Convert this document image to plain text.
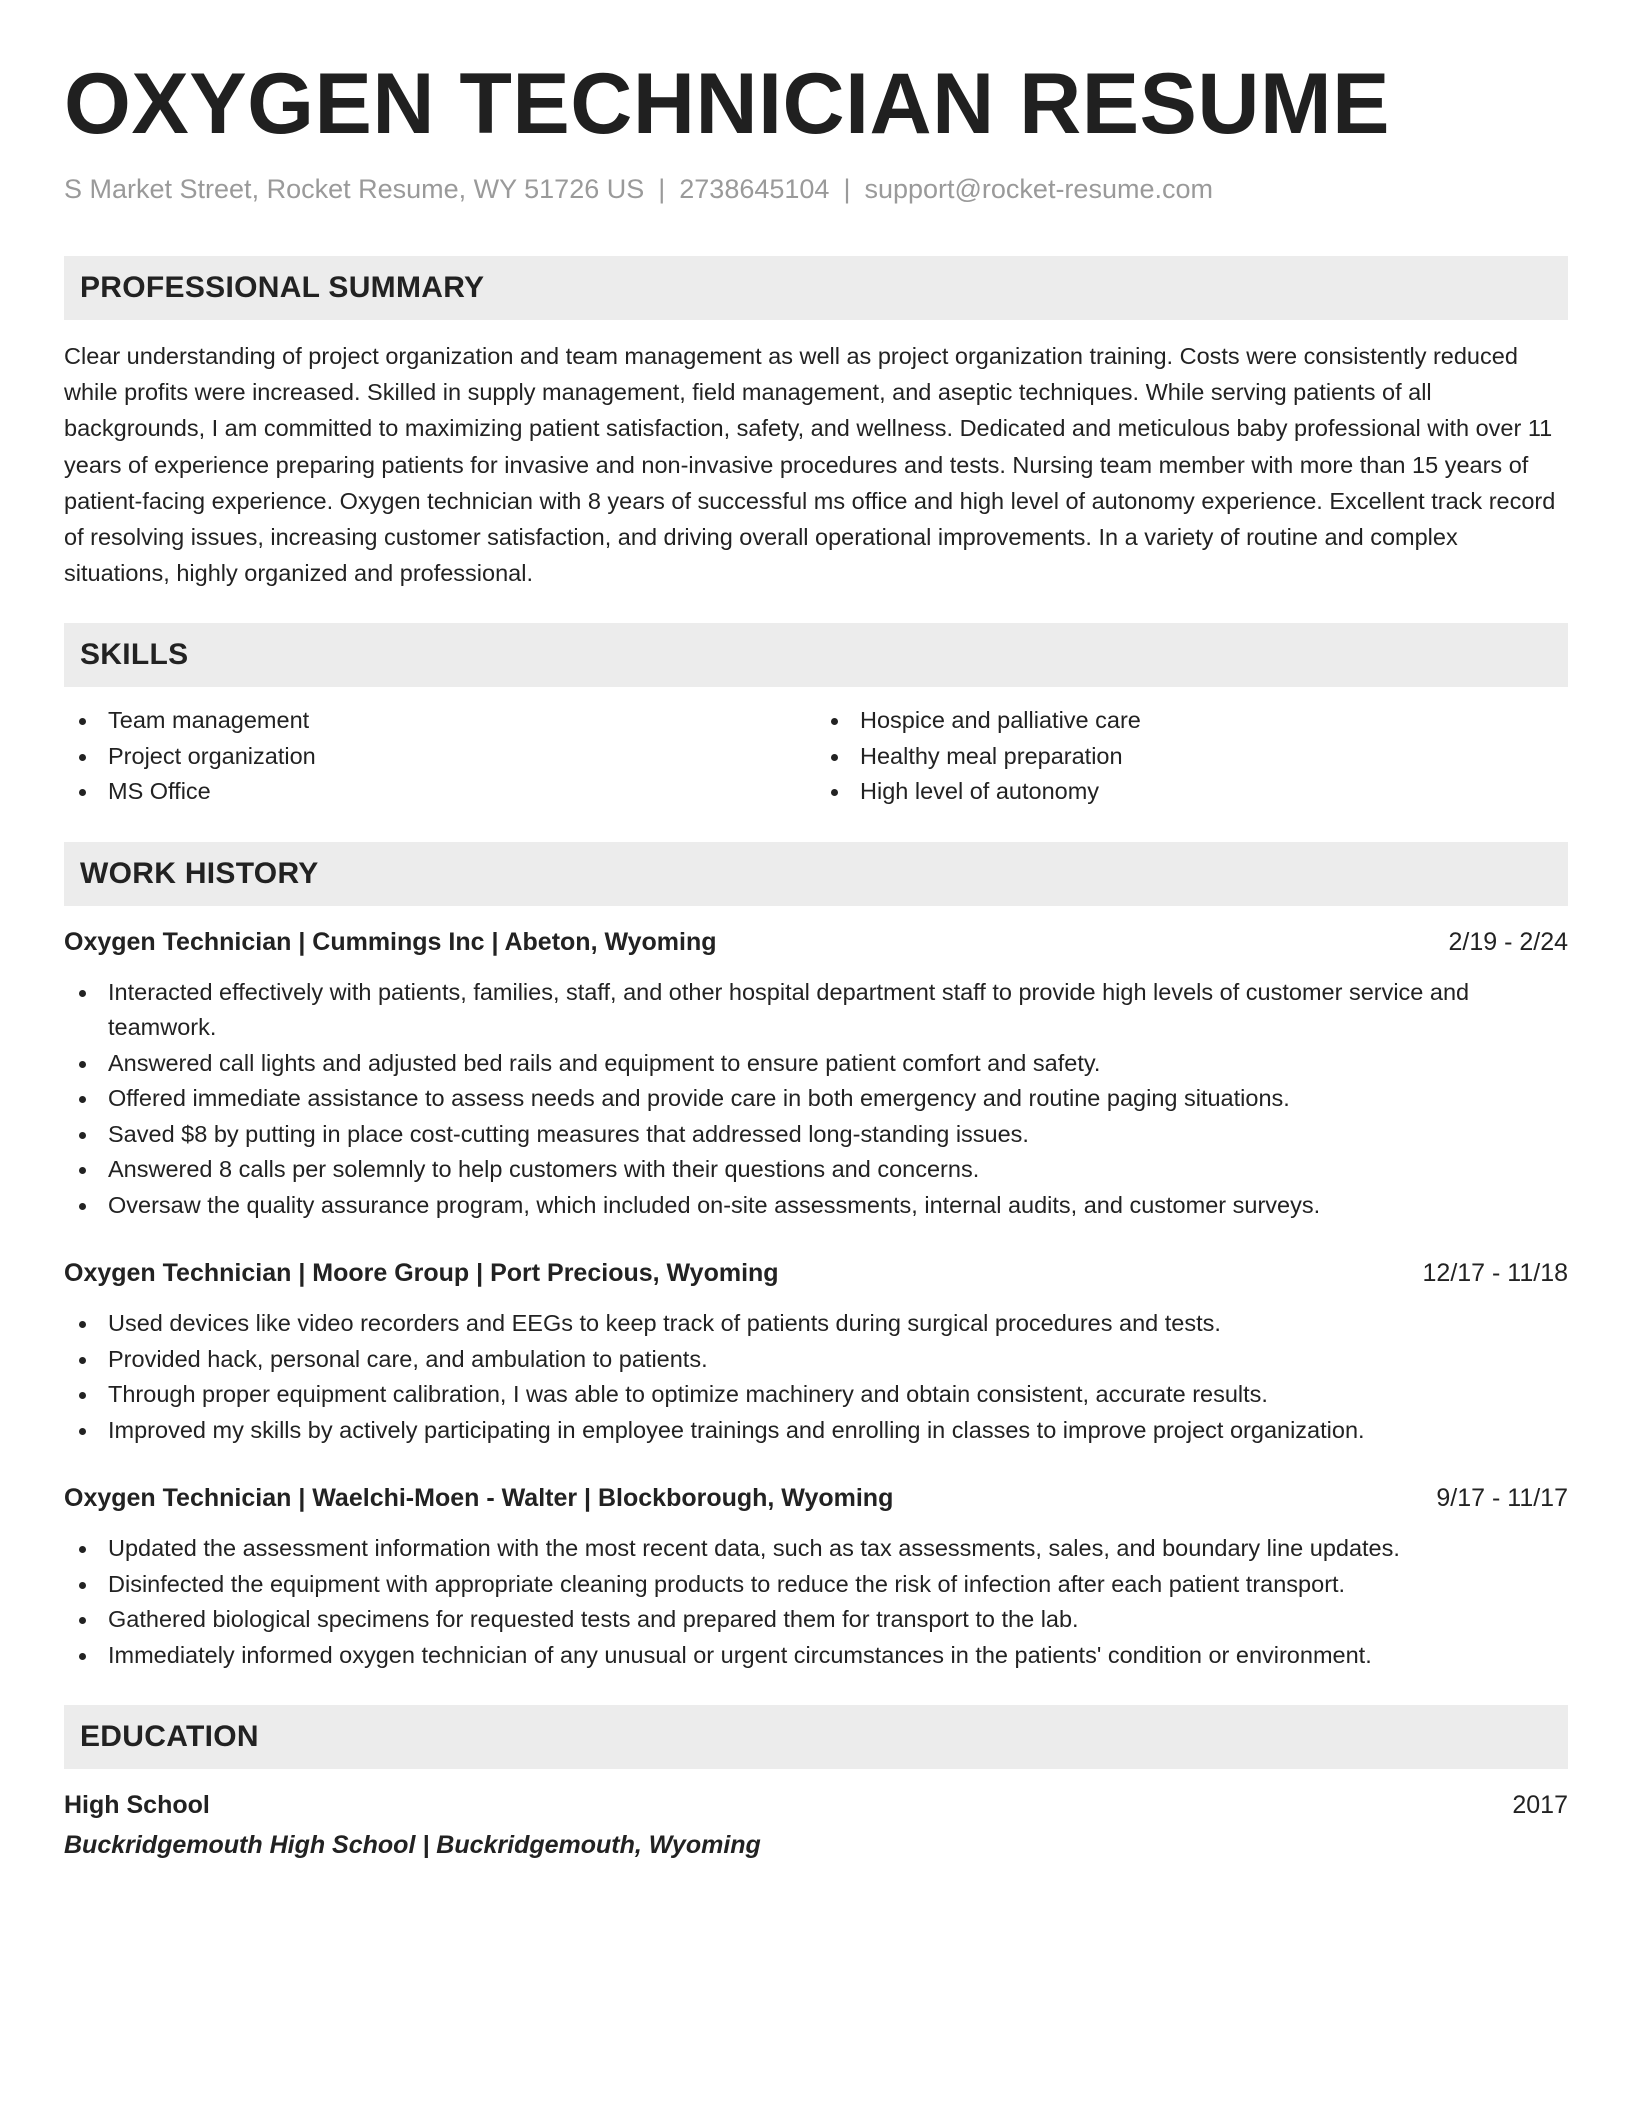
OXYGEN TECHNICIAN RESUME
S Market Street, Rocket Resume, WY 51726 US | 2738645104 | support@rocket-resume.com
PROFESSIONAL SUMMARY
Clear understanding of project organization and team management as well as project organization training. Costs were consistently reduced while profits were increased. Skilled in supply management, field management, and aseptic techniques. While serving patients of all backgrounds, I am committed to maximizing patient satisfaction, safety, and wellness. Dedicated and meticulous baby professional with over 11 years of experience preparing patients for invasive and non-invasive procedures and tests. Nursing team member with more than 15 years of patient-facing experience. Oxygen technician with 8 years of successful ms office and high level of autonomy experience. Excellent track record of resolving issues, increasing customer satisfaction, and driving overall operational improvements. In a variety of routine and complex situations, highly organized and professional.
SKILLS
Team management
Project organization
MS Office
Hospice and palliative care
Healthy meal preparation
High level of autonomy
WORK HISTORY
Oxygen Technician | Cummings Inc | Abeton, Wyoming	2/19 - 2/24
Interacted effectively with patients, families, staff, and other hospital department staff to provide high levels of customer service and teamwork.
Answered call lights and adjusted bed rails and equipment to ensure patient comfort and safety.
Offered immediate assistance to assess needs and provide care in both emergency and routine paging situations.
Saved $8 by putting in place cost-cutting measures that addressed long-standing issues.
Answered 8 calls per solemnly to help customers with their questions and concerns.
Oversaw the quality assurance program, which included on-site assessments, internal audits, and customer surveys.
Oxygen Technician | Moore Group | Port Precious, Wyoming	12/17 - 11/18
Used devices like video recorders and EEGs to keep track of patients during surgical procedures and tests.
Provided hack, personal care, and ambulation to patients.
Through proper equipment calibration, I was able to optimize machinery and obtain consistent, accurate results.
Improved my skills by actively participating in employee trainings and enrolling in classes to improve project organization.
Oxygen Technician | Waelchi-Moen - Walter | Blockborough, Wyoming	9/17 - 11/17
Updated the assessment information with the most recent data, such as tax assessments, sales, and boundary line updates.
Disinfected the equipment with appropriate cleaning products to reduce the risk of infection after each patient transport.
Gathered biological specimens for requested tests and prepared them for transport to the lab.
Immediately informed oxygen technician of any unusual or urgent circumstances in the patients' condition or environment.
EDUCATION
High School	2017
Buckridgemouth High School | Buckridgemouth, Wyoming
